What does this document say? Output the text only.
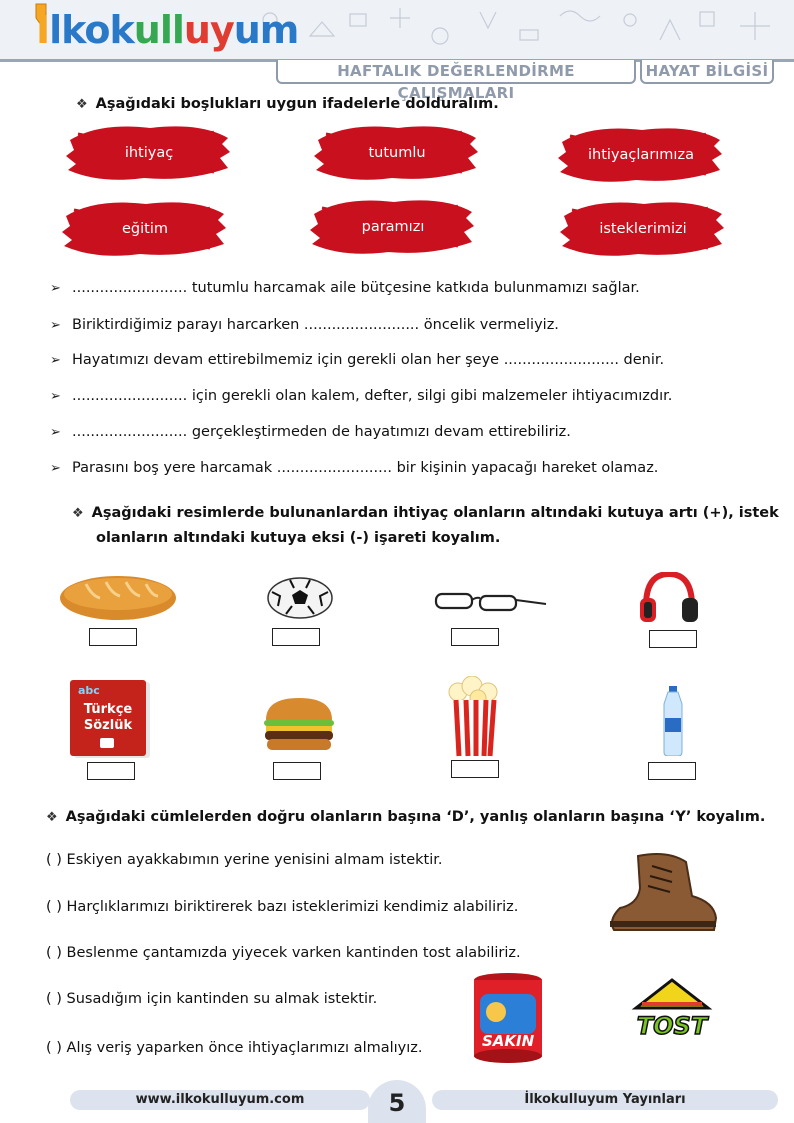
İlkokulluyum
HAFTALIK DEĞERLENDİRME ÇALIŞMALARI
HAYAT BİLGİSİ
❖ Aşağıdaki boşlukları uygun ifadelerle dolduralım.
ihtiyaç	tutumlu	ihtiyaçlarımıza
eğitim	paramızı	isteklerimizi
➢ ......................... tutumlu harcamak aile bütçesine katkıda bulunmamızı sağlar.
➢ Biriktirdiğimiz parayı harcarken ......................... öncelik vermeliyiz.
➢ Hayatımızı devam ettirebilmemiz için gerekli olan her şeye ......................... denir.
➢ ......................... için gerekli olan kalem, defter, silgi gibi malzemeler ihtiyacımızdır.
➢ ......................... gerçekleştirmeden de hayatımızı devam ettirebiliriz.
➢ Parasını boş yere harcamak ......................... bir kişinin yapacağı hareket olamaz.
❖ Aşağıdaki resimlerde bulunanlardan ihtiyaç olanların altındaki kutuya artı (+), istek
olanların altındaki kutuya eksi (-) işareti koyalım.
abc
Türkçe
Sözlük
❖ Aşağıdaki cümlelerden doğru olanların başına ‘D’, yanlış olanların başına ‘Y’ koyalım.
( ) Eskiyen ayakkabımın yerine yenisini almam istektir.
( ) Harçlıklarımızı biriktirerek bazı isteklerimizi kendimiz alabiliriz.
( ) Beslenme çantamızda yiyecek varken kantinden tost alabiliriz.
( ) Susadığım için kantinden su almak istektir.
( ) Alış veriş yaparken önce ihtiyaçlarımızı almalıyız.	SAKIN
TOST
www.ilkokulluyum.com	İlkokulluyum Yayınları
5
